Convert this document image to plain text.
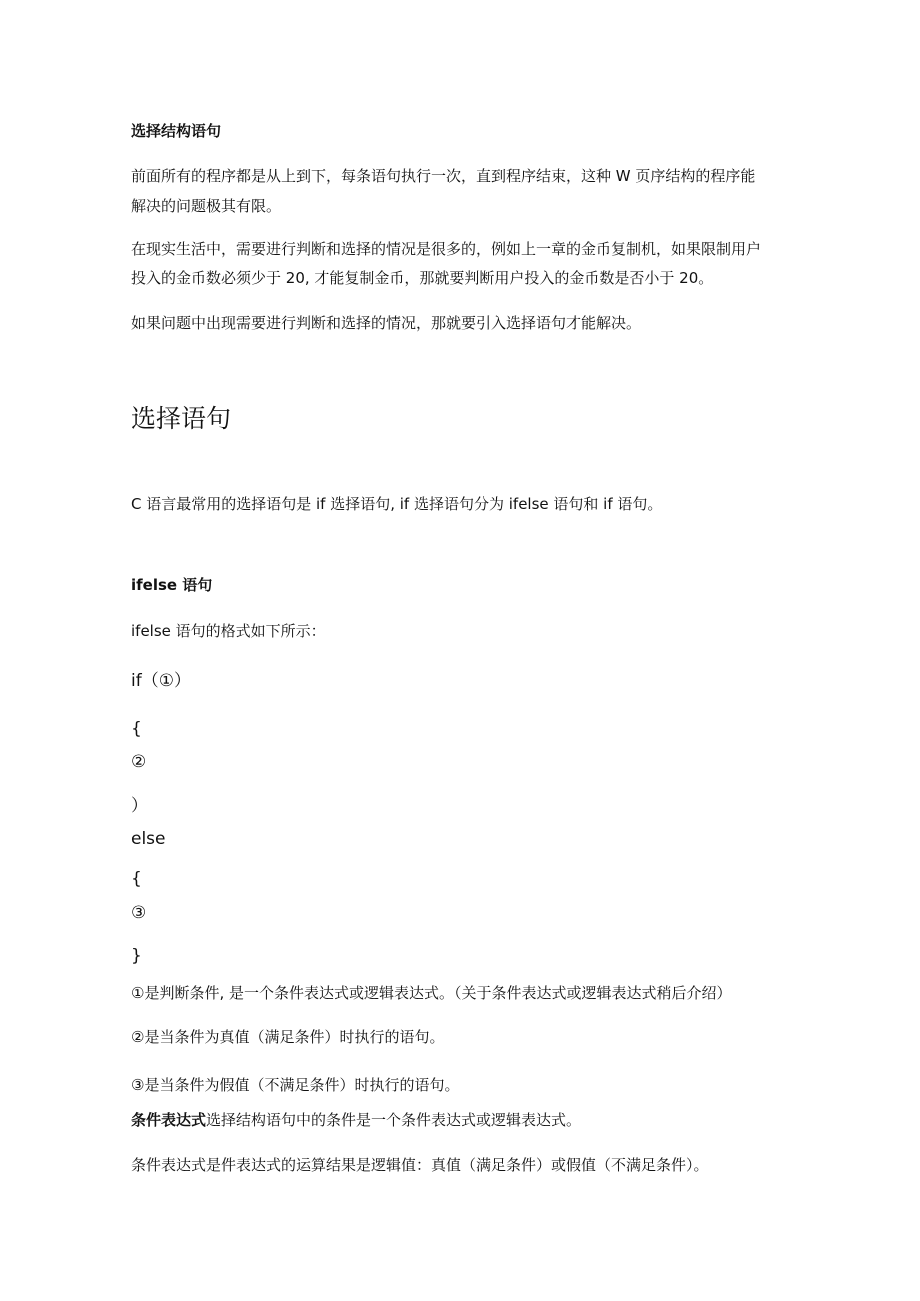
选择结构语句

前面所有的程序都是从上到下，每条语句执行一次，直到程序结束，这种 W 页序结构的程序能

解决的问题极其有限。

在现实生活中，需要进行判断和选择的情况是很多的，例如上一章的金币复制机，如果限制用户

投入的金币数必须少于 20, 才能复制金币，那就要判断用户投入的金币数是否小于 20。

如果问题中出现需要进行判断和选择的情况，那就要引入选择语句才能解决。

选择语句

C 语言最常用的选择语句是 if 选择语句, if 选择语句分为 ifelse 语句和 if 语句。

ifelse 语句

ifelse 语句的格式如下所示：

if（①）

{

②

）

else

{

③

}

①是判断条件, 是一个条件表达式或逻辑表达式。（关于条件表达式或逻辑表达式稍后介绍）

②是当条件为真值（满足条件）时执行的语句。

③是当条件为假值（不满足条件）时执行的语句。

条件表达式选择结构语句中的条件是一个条件表达式或逻辑表达式。

条件表达式是件表达式的运算结果是逻辑值：真值（满足条件）或假值（不满足条件）。
